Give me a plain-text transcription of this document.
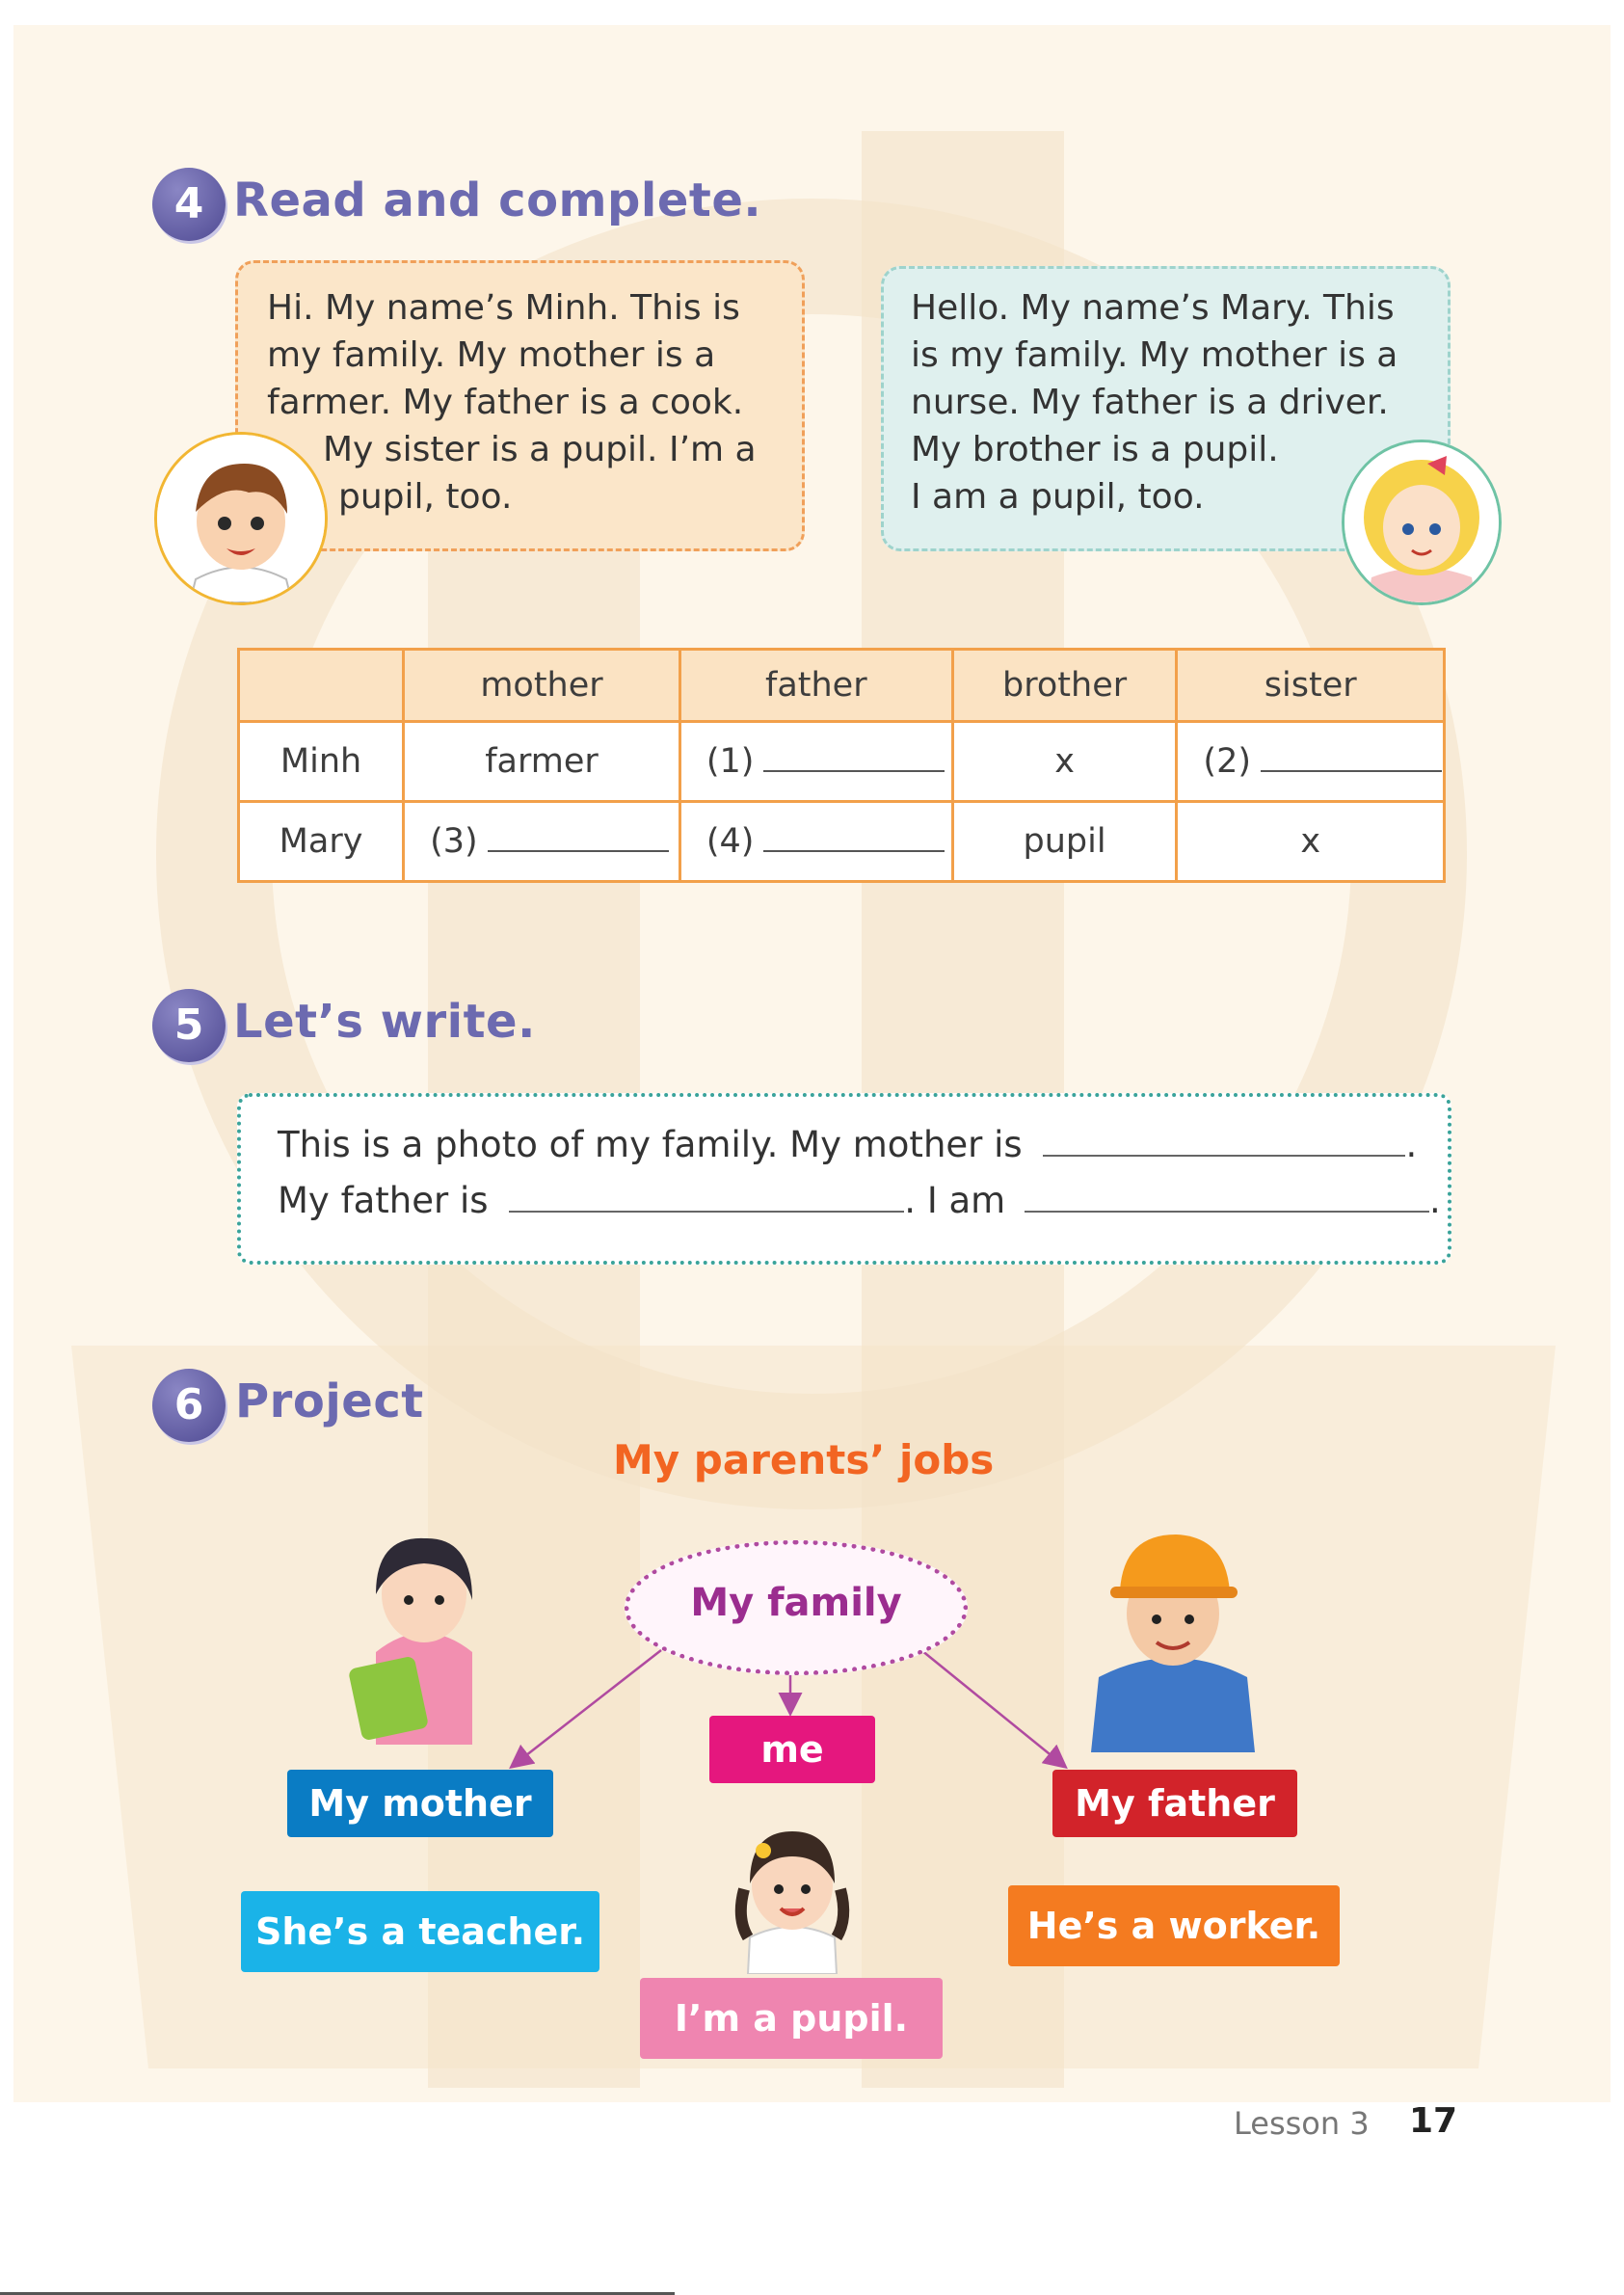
4 Read and complete.
Hi. My name’s Minh. This is
my family. My mother is a
farmer. My father is a cook.
My sister is a pupil. I’m a
pupil, too.
Hello. My name’s Mary. This
is my family. My mother is a
nurse. My father is a driver.
My brother is a pupil.
I am a pupil, too.
	mother	father	brother	sister
Minh	farmer	(1)	x	(2)
Mary	(3)	(4)	pupil	x
5 Let’s write.
This is a photo of my family. My mother is	.
My father is	. I am	.
6 Project
My parents’ jobs
My family
me
My mother	My father
She’s a teacher.	He’s a worker.
I’m a pupil.
Lesson 3 17
